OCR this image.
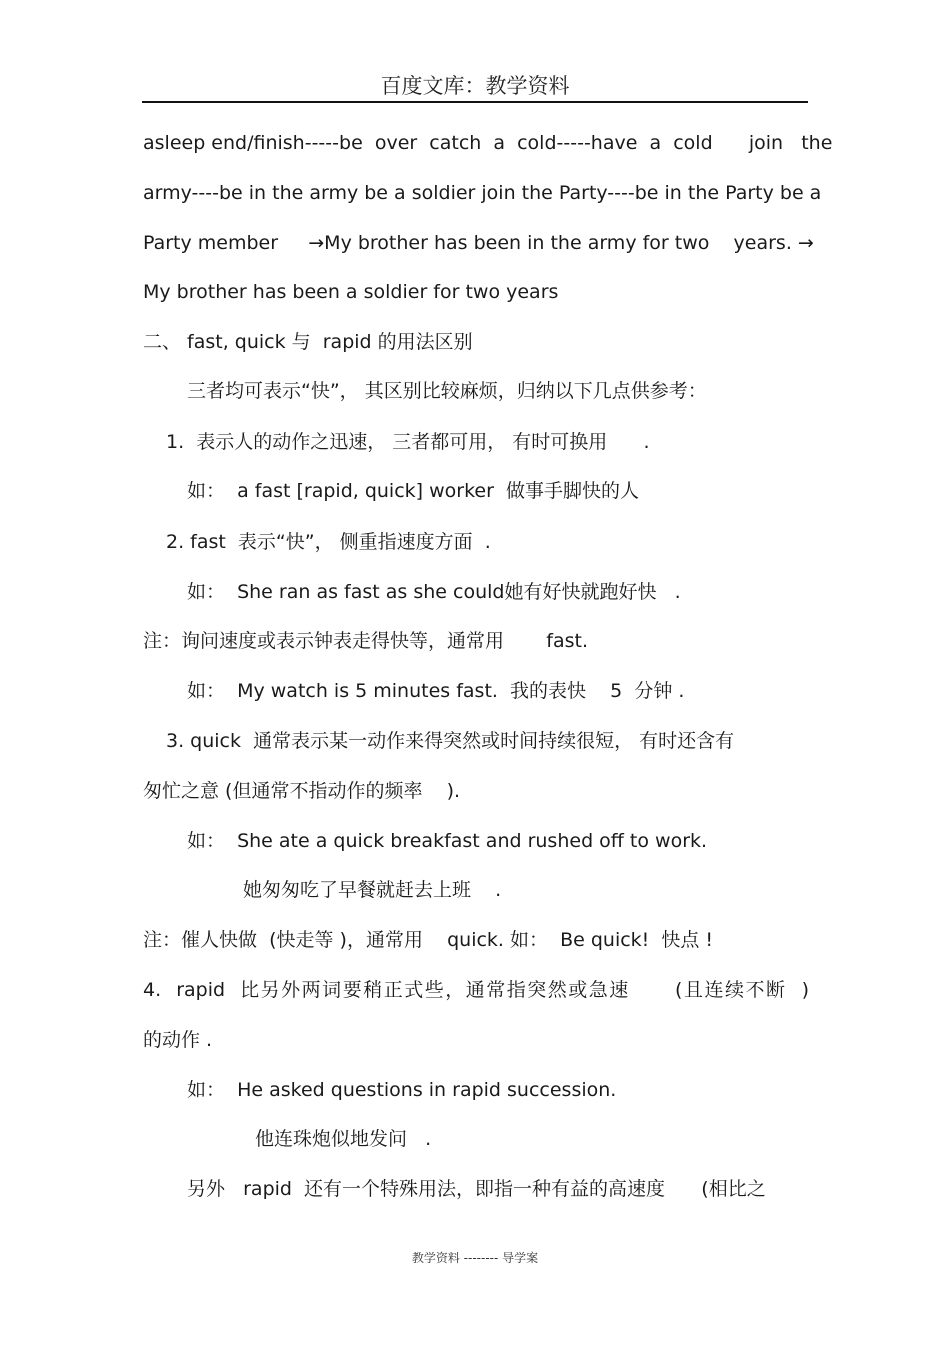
百度文库：教学资料
asleep end/finish-----be  over  catch  a  cold-----have  a  cold      join   the
army----be in the army be a soldier join the Party----be in the Party be a
Party member     →My brother has been in the army for two    years. →
My brother has been a soldier for two years
二、 fast, quick 与  rapid 的用法区别
三者均可表示“快”， 其区别比较麻烦，归纳以下几点供参考：
1.  表示人的动作之迅速， 三者都可用， 有时可换用      .
如：  a fast [rapid, quick] worker  做事手脚快的人
2. fast  表示“快”， 侧重指速度方面  .
如：  She ran as fast as she could她有好快就跑好快   .
注：询问速度或表示钟表走得快等，通常用       fast.
如：  My watch is 5 minutes fast.  我的表快    5  分钟 .
3. quick  通常表示某一动作来得突然或时间持续很短， 有时还含有
匆忙之意 (但通常不指动作的频率    ).
如：  She ate a quick breakfast and rushed off to work.
她匆匆吃了早餐就赶去上班    .
注：催人快做  (快走等 )，通常用    quick. 如：  Be quick!  快点 !
4.  rapid  比另外两词要稍正式些，通常指突然或急速      (且连续不断  )
的动作 .
如：  He asked questions in rapid succession.
他连珠炮似地发问   .
另外   rapid  还有一个特殊用法，即指一种有益的高速度      (相比之
教学资料 -------- 导学案
